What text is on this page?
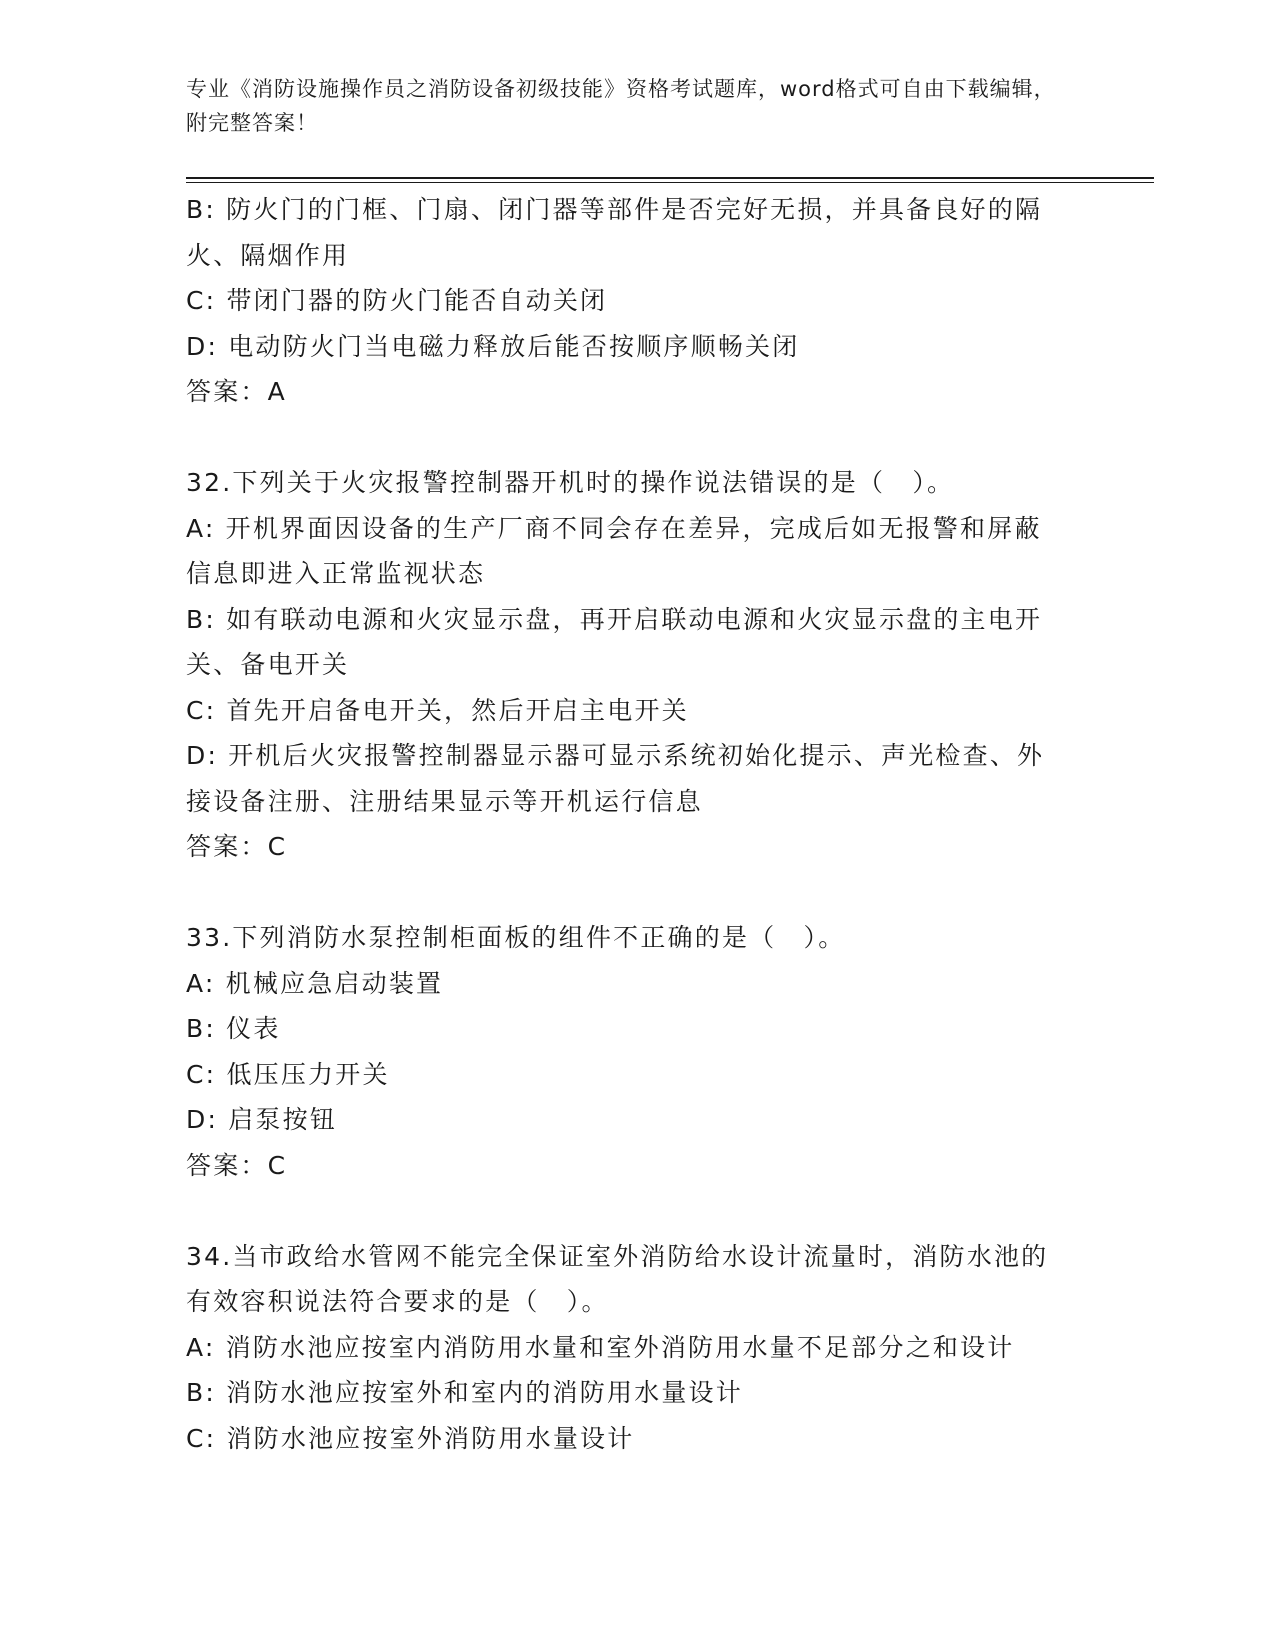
专业《消防设施操作员之消防设备初级技能》资格考试题库，word格式可自由下载编辑，附完整答案！
B: 防火门的门框、门扇、闭门器等部件是否完好无损，并具备良好的隔火、隔烟作用
C: 带闭门器的防火门能否自动关闭
D: 电动防火门当电磁力释放后能否按顺序顺畅关闭
答案：A
32.下列关于火灾报警控制器开机时的操作说法错误的是（　）。
A: 开机界面因设备的生产厂商不同会存在差异，完成后如无报警和屏蔽信息即进入正常监视状态
B: 如有联动电源和火灾显示盘，再开启联动电源和火灾显示盘的主电开关、备电开关
C: 首先开启备电开关，然后开启主电开关
D: 开机后火灾报警控制器显示器可显示系统初始化提示、声光检查、外接设备注册、注册结果显示等开机运行信息
答案：C
33.下列消防水泵控制柜面板的组件不正确的是（　）。
A: 机械应急启动装置
B: 仪表
C: 低压压力开关
D: 启泵按钮
答案：C
34.当市政给水管网不能完全保证室外消防给水设计流量时，消防水池的有效容积说法符合要求的是（　）。
A: 消防水池应按室内消防用水量和室外消防用水量不足部分之和设计
B: 消防水池应按室外和室内的消防用水量设计
C: 消防水池应按室外消防用水量设计
